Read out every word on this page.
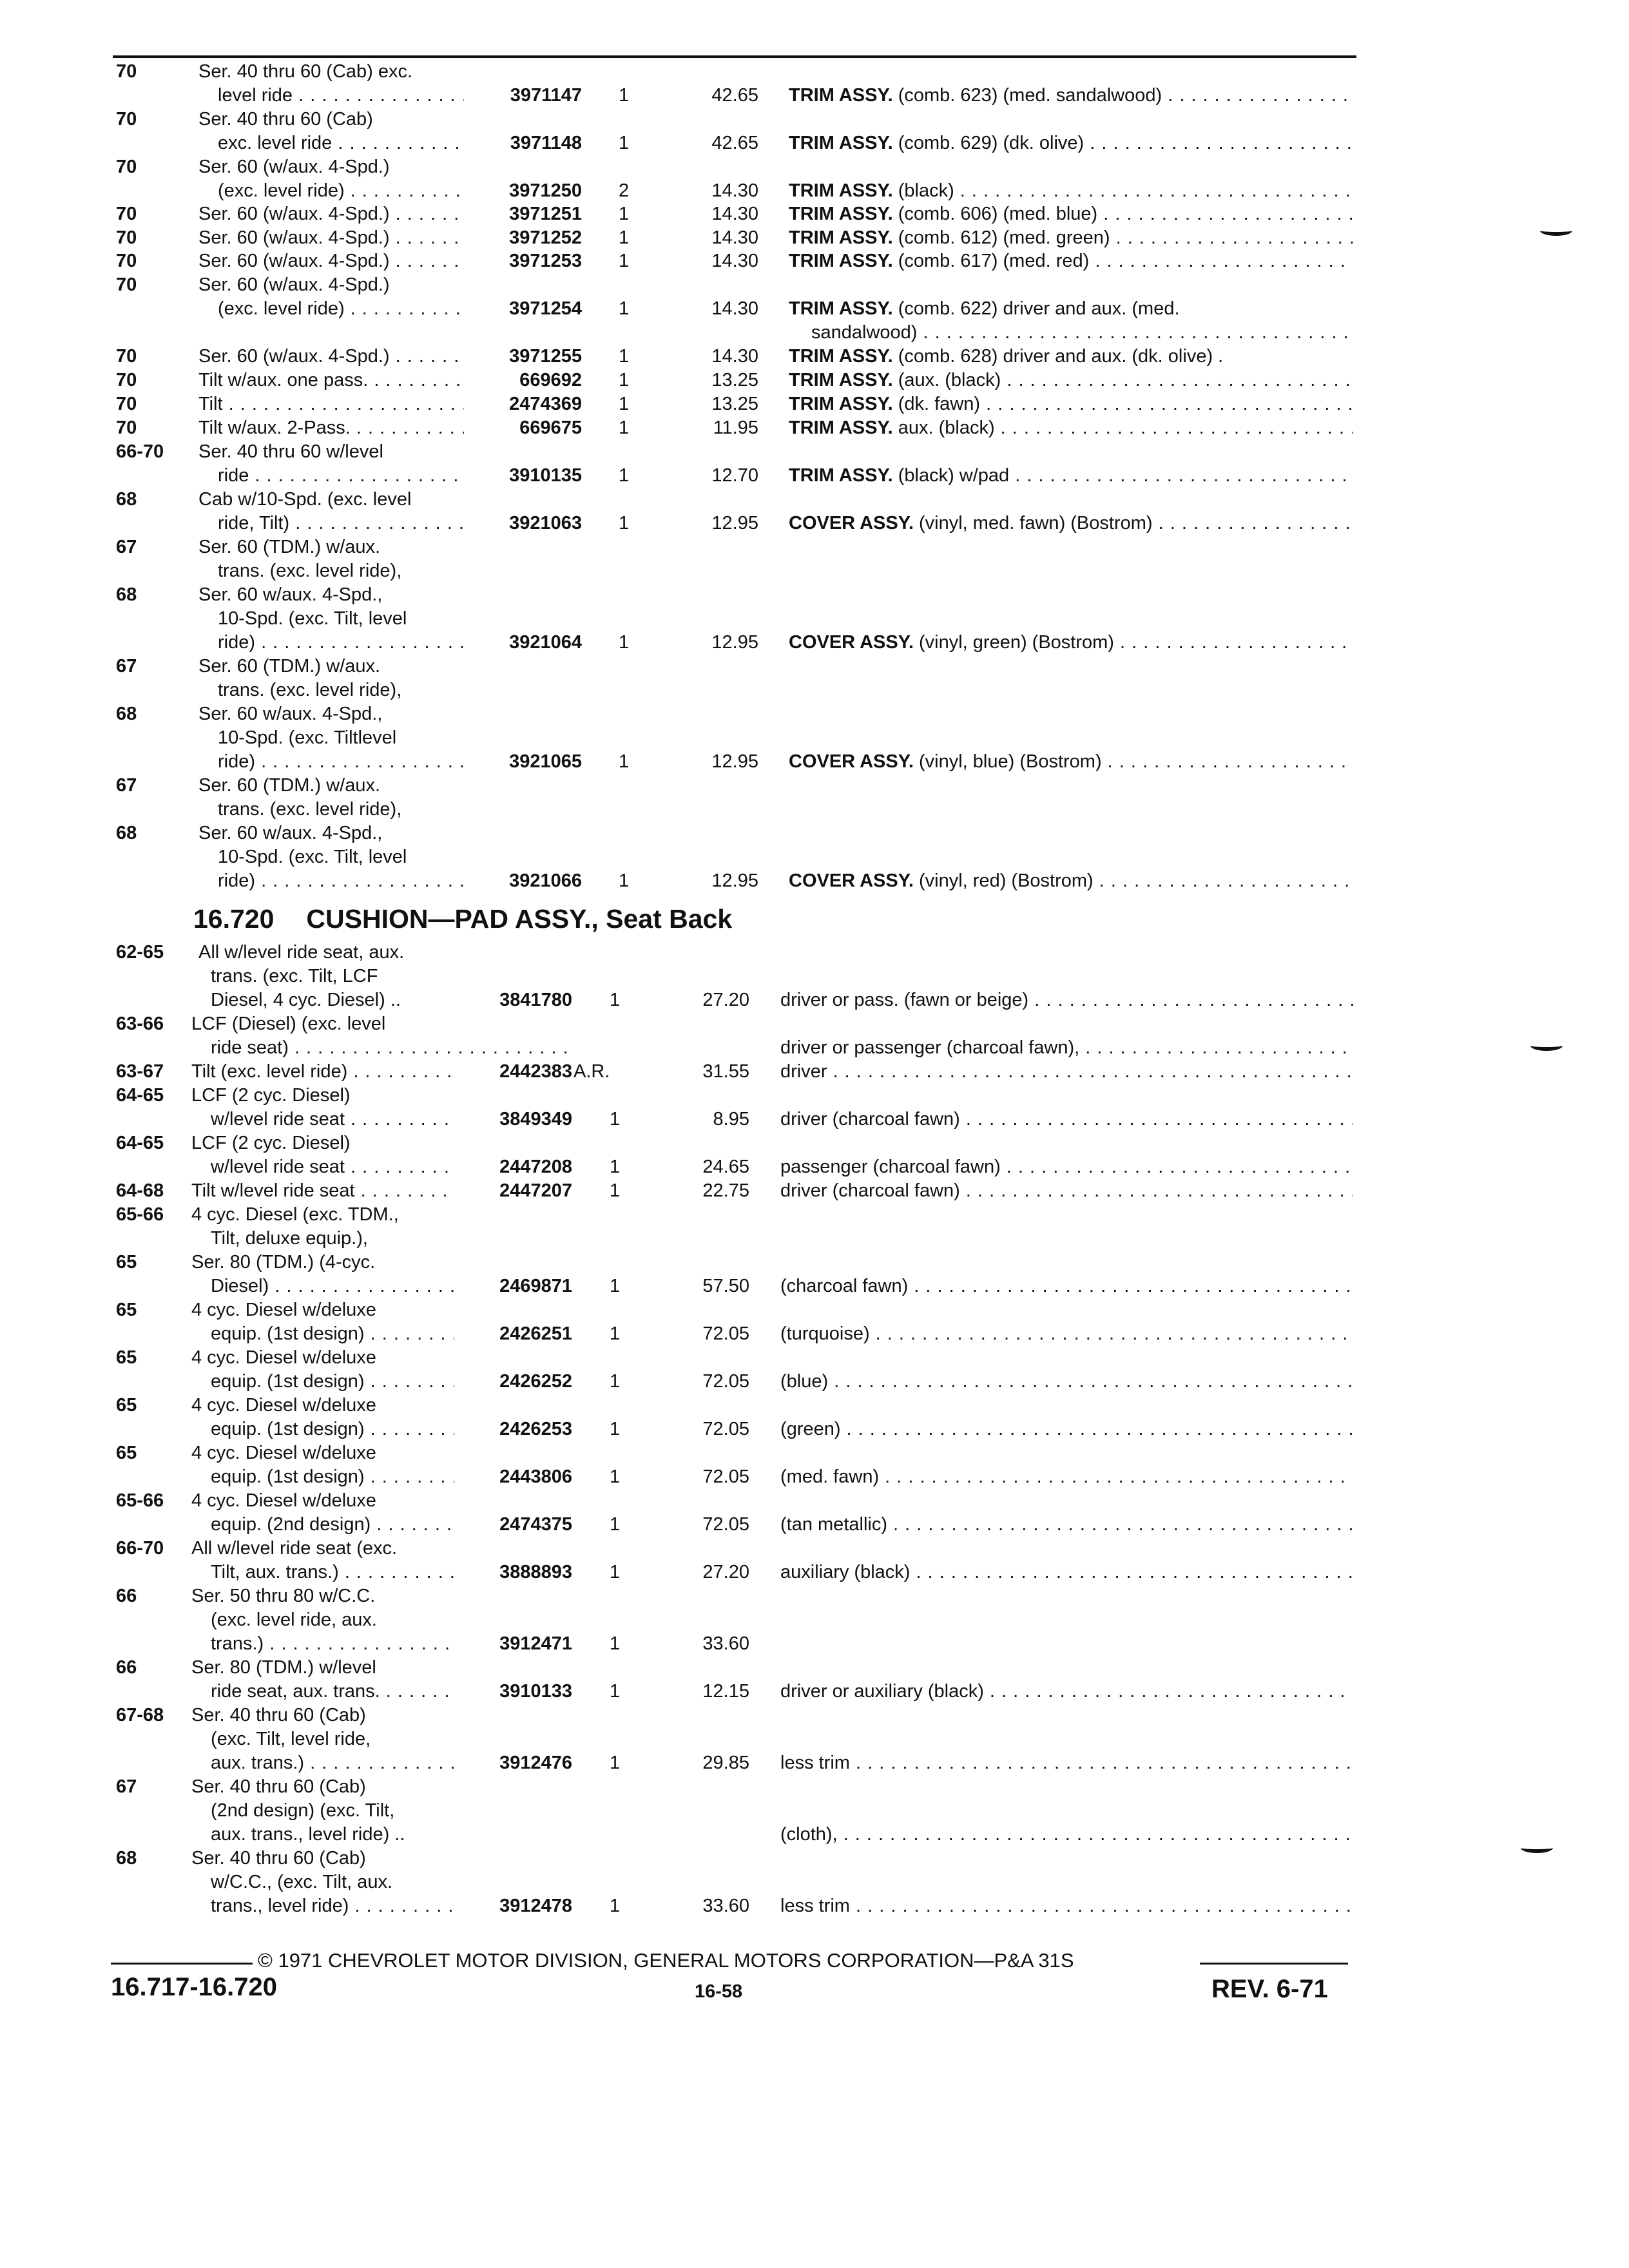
70	Ser. 40 thru 60 (Cab) exc.
level ride . . .	3971147 1	42.65 TRIM ASSY. (comb. 623) (med. sandalwood) . . .
70	Ser. 40 thru 60 (Cab)
exc. level ride . . .	3971148 1	42.65 TRIM ASSY. (comb. 629) (dk. olive) . . .
70	Ser. 60 (w/aux. 4-Spd.)
(exc. level ride) . . .	3971250 2	14.30 TRIM ASSY. (black) . . .
70	Ser. 60 (w/aux. 4-Spd.) . . .	3971251 1	14.30 TRIM ASSY. (comb. 606) (med. blue) . . .
70	Ser. 60 (w/aux. 4-Spd.) . . .	3971252 1	14.30 TRIM ASSY. (comb. 612) (med. green) . . .
70	Ser. 60 (w/aux. 4-Spd.) . . .	3971253 1	14.30 TRIM ASSY. (comb. 617) (med. red) . . .
70	Ser. 60 (w/aux. 4-Spd.)
(exc. level ride) . . .	3971254 1	14.30 TRIM ASSY. (comb. 622) driver and aux. (med.
sandalwood) . . .
70	Ser. 60 (w/aux. 4-Spd.) . . .	3971255 1	14.30 TRIM ASSY. (comb. 628) driver and aux. (dk. olive) .
70	Tilt w/aux. one pass. . . .	669692 1	13.25 TRIM ASSY. (aux. (black) . . .
70	Tilt . . .	2474369 1	13.25 TRIM ASSY. (dk. fawn) . . .
70	Tilt w/aux. 2-Pass. . . .	669675 1	11.95 TRIM ASSY. aux. (black) . . .
66-70	Ser. 40 thru 60 w/level
ride . . .	3910135 1	12.70 TRIM ASSY. (black) w/pad . . .
68	Cab w/10-Spd. (exc. level
ride, Tilt) . . .	3921063 1	12.95 COVER ASSY. (vinyl, med. fawn) (Bostrom) . . .
67	Ser. 60 (TDM.) w/aux.
trans. (exc. level ride),
68	Ser. 60 w/aux. 4-Spd.,
10-Spd. (exc. Tilt, level
ride) . . .	3921064 1	12.95 COVER ASSY. (vinyl, green) (Bostrom) . . .
67	Ser. 60 (TDM.) w/aux.
trans. (exc. level ride),
68	Ser. 60 w/aux. 4-Spd.,
10-Spd. (exc. Tiltlevel
ride) . . .	3921065 1	12.95 COVER ASSY. (vinyl, blue) (Bostrom) . . .
67	Ser. 60 (TDM.) w/aux.
trans. (exc. level ride),
68	Ser. 60 w/aux. 4-Spd.,
10-Spd. (exc. Tilt, level
ride) . . .	3921066 1	12.95 COVER ASSY. (vinyl, red) (Bostrom) . . .
62-65	All w/level ride seat, aux.
trans. (exc. Tilt, LCF
Diesel, 4 cyc. Diesel) ..	3841780 1	27.20 driver or pass. (fawn or beige) . . .
63-66	LCF (Diesel) (exc. level
ride seat) . . .	driver or passenger (charcoal fawn), . . .
63-67	Tilt (exc. level ride) . . .	2442383 A.R.	31.55 driver . . .
64-65	LCF (2 cyc. Diesel)
w/level ride seat . . .	3849349 1	8.95 driver (charcoal fawn) . . .
64-65	LCF (2 cyc. Diesel)
w/level ride seat . . .	2447208 1	24.65 passenger (charcoal fawn) . . .
64-68	Tilt w/level ride seat . . .	2447207 1	22.75 driver (charcoal fawn) . . .
65-66	4 cyc. Diesel (exc. TDM.,
Tilt, deluxe equip.),
65	Ser. 80 (TDM.) (4-cyc.
Diesel) . . .	2469871 1	57.50 (charcoal fawn) . . .
65	4 cyc. Diesel w/deluxe
equip. (1st design) . . .	2426251 1	72.05 (turquoise) . . .
65	4 cyc. Diesel w/deluxe
equip. (1st design) . . .	2426252 1	72.05 (blue) . . .
65	4 cyc. Diesel w/deluxe
equip. (1st design) . . .	2426253 1	72.05 (green) . . .
65	4 cyc. Diesel w/deluxe
equip. (1st design) . . .	2443806 1	72.05 (med. fawn) . . .
65-66	4 cyc. Diesel w/deluxe
equip. (2nd design) . . .	2474375 1	72.05 (tan metallic) . . .
66-70	All w/level ride seat (exc.
Tilt, aux. trans.) . . .	3888893 1	27.20 auxiliary (black) . . .
66	Ser. 50 thru 80 w/C.C.
(exc. level ride, aux.
trans.) . . .	3912471 1	33.60
66	Ser. 80 (TDM.) w/level
ride seat, aux. trans. . . .	3910133 1	12.15 driver or auxiliary (black) . . .
67-68	Ser. 40 thru 60 (Cab)
(exc. Tilt, level ride,
aux. trans.) . . .	3912476 1	29.85 less trim . . .
67	Ser. 40 thru 60 (Cab)
(2nd design) (exc. Tilt,
aux. trans., level ride) ..	(cloth), . . .
68	Ser. 40 thru 60 (Cab)
w/C.C., (exc. Tilt, aux.
trans., level ride) . . .	3912478 1	33.60 less trim . . .
16.720 CUSHION—PAD ASSY., Seat Back
© 1971 CHEVROLET MOTOR DIVISION, GENERAL MOTORS CORPORATION—P&A 31S
16.717-16.720	16-58	REV. 6-71
